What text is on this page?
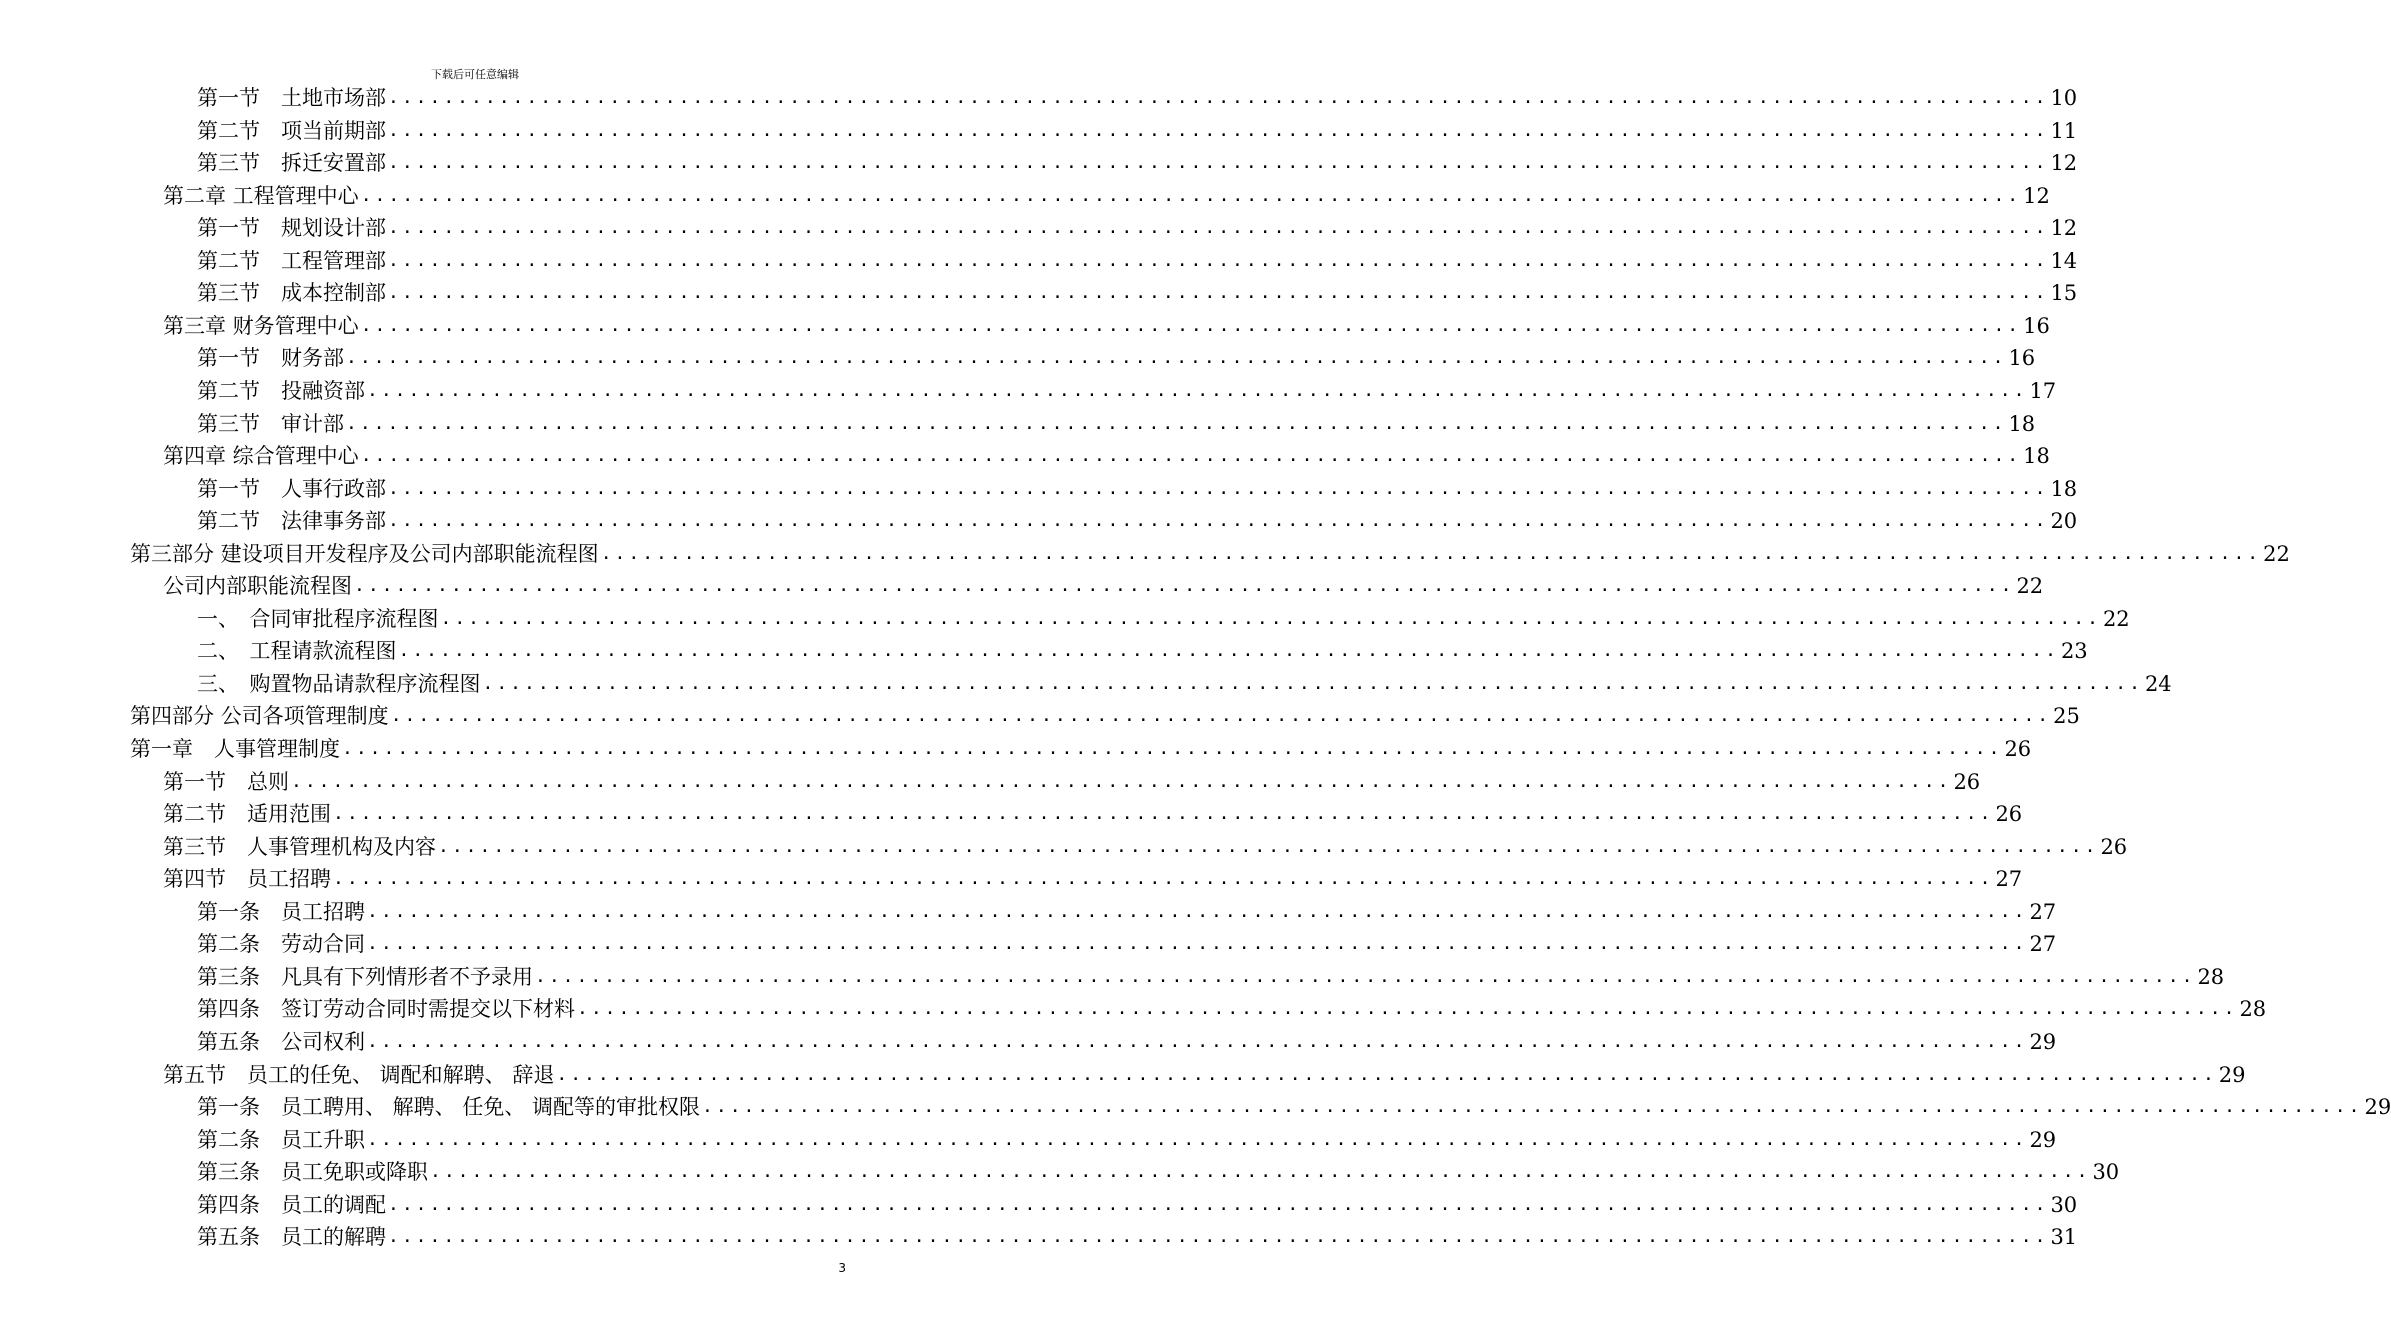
下载后可任意编辑
第一节　土地市场部 ........................................................................................................................ 10
第二节　项当前期部 ........................................................................................................................ 11
第三节　拆迁安置部 ........................................................................................................................ 12
第二章 工程管理中心 ........................................................................................................................ 12
第一节　规划设计部 ........................................................................................................................ 12
第二节　工程管理部 ........................................................................................................................ 14
第三节　成本控制部 ........................................................................................................................ 15
第三章 财务管理中心 ........................................................................................................................ 16
第一节　财务部 ........................................................................................................................ 16
第二节　投融资部 ........................................................................................................................ 17
第三节　审计部 ........................................................................................................................ 18
第四章 综合管理中心 ........................................................................................................................ 18
第一节　人事行政部 ........................................................................................................................ 18
第二节　法律事务部 ........................................................................................................................ 20
第三部分 建设项目开发程序及公司内部职能流程图 ........................................................................................................................ 22
公司内部职能流程图 ........................................................................................................................ 22
一、　合同审批程序流程图 ........................................................................................................................ 22
二、　工程请款流程图 ........................................................................................................................ 23
三、　购置物品请款程序流程图 ........................................................................................................................ 24
第四部分 公司各项管理制度 ........................................................................................................................ 25
第一章　人事管理制度 ........................................................................................................................ 26
第一节　总则 ........................................................................................................................ 26
第二节　适用范围 ........................................................................................................................ 26
第三节　人事管理机构及内容 ........................................................................................................................ 26
第四节　员工招聘 ........................................................................................................................ 27
第一条　员工招聘 ........................................................................................................................ 27
第二条　劳动合同 ........................................................................................................................ 27
第三条　凡具有下列情形者不予录用 ........................................................................................................................ 28
第四条　签订劳动合同时需提交以下材料 ........................................................................................................................ 28
第五条　公司权利 ........................................................................................................................ 29
第五节　员工的任免、 调配和解聘、 辞退 ........................................................................................................................ 29
第一条　员工聘用、 解聘、 任免、 调配等的审批权限 ........................................................................................................................ 29
第二条　员工升职 ........................................................................................................................ 29
第三条　员工免职或降职 ........................................................................................................................ 30
第四条　员工的调配 ........................................................................................................................ 30
第五条　员工的解聘 ........................................................................................................................ 31
3
